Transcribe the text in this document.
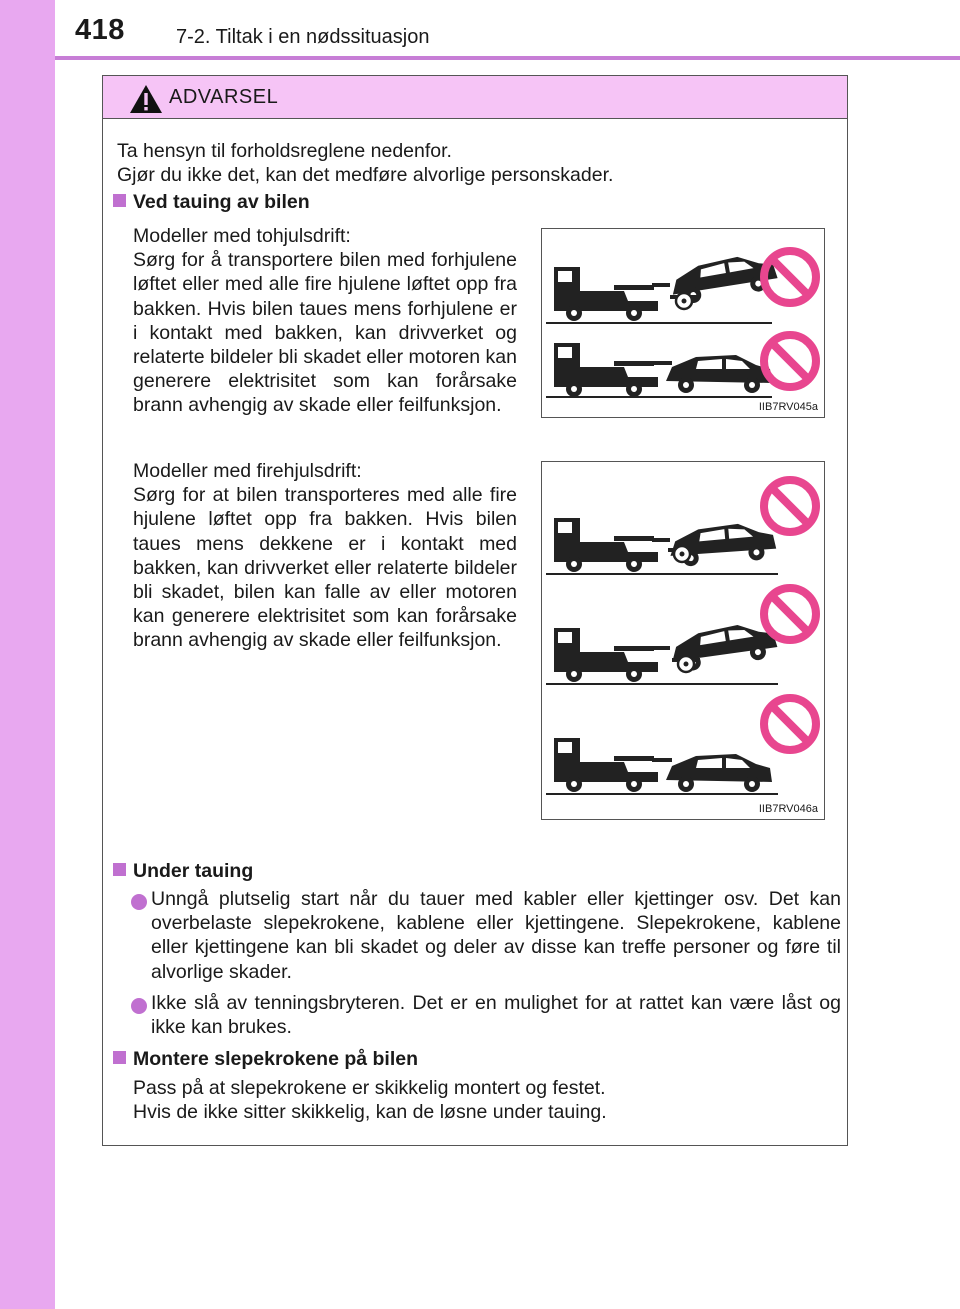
418	7-2. Tiltak i en nødssituasjon
ADVARSEL
Ta hensyn til forholdsreglene nedenfor.
Gjør du ikke det, kan det medføre alvorlige personskader.
Ved tauing av bilen
Modeller med tohjulsdrift:
Sørg for å transportere bilen med forhjulene løftet eller med alle fire hjulene løftet opp fra bakken. Hvis bilen taues mens forhjulene er i kontakt med bakken, kan drivverket og relaterte bildeler bli skadet eller motoren kan generere elektrisitet som kan forårsake brann avhengig av skade eller feilfunksjon.	IIB7RV045a
Modeller med firehjulsdrift:
Sørg for at bilen transporteres med alle fire hjulene løftet opp fra bakken. Hvis bilen taues mens dekkene er i kontakt med bakken, kan drivverket eller relaterte bildeler bli skadet, bilen kan falle av eller motoren kan generere elektrisitet som kan forårsake brann avhengig av skade eller feilfunksjon.
IIB7RV046a
Under tauing
Unngå plutselig start når du tauer med kabler eller kjettinger osv. Det kan overbelaste slepekrokene, kablene eller kjettingene. Slepekrokene, kablene eller kjettingene kan bli skadet og deler av disse kan treffe personer og føre til alvorlige skader.
Ikke slå av tenningsbryteren. Det er en mulighet for at rattet kan være låst og ikke kan brukes.
Montere slepekrokene på bilen
Pass på at slepekrokene er skikkelig montert og festet.
Hvis de ikke sitter skikkelig, kan de løsne under tauing.
